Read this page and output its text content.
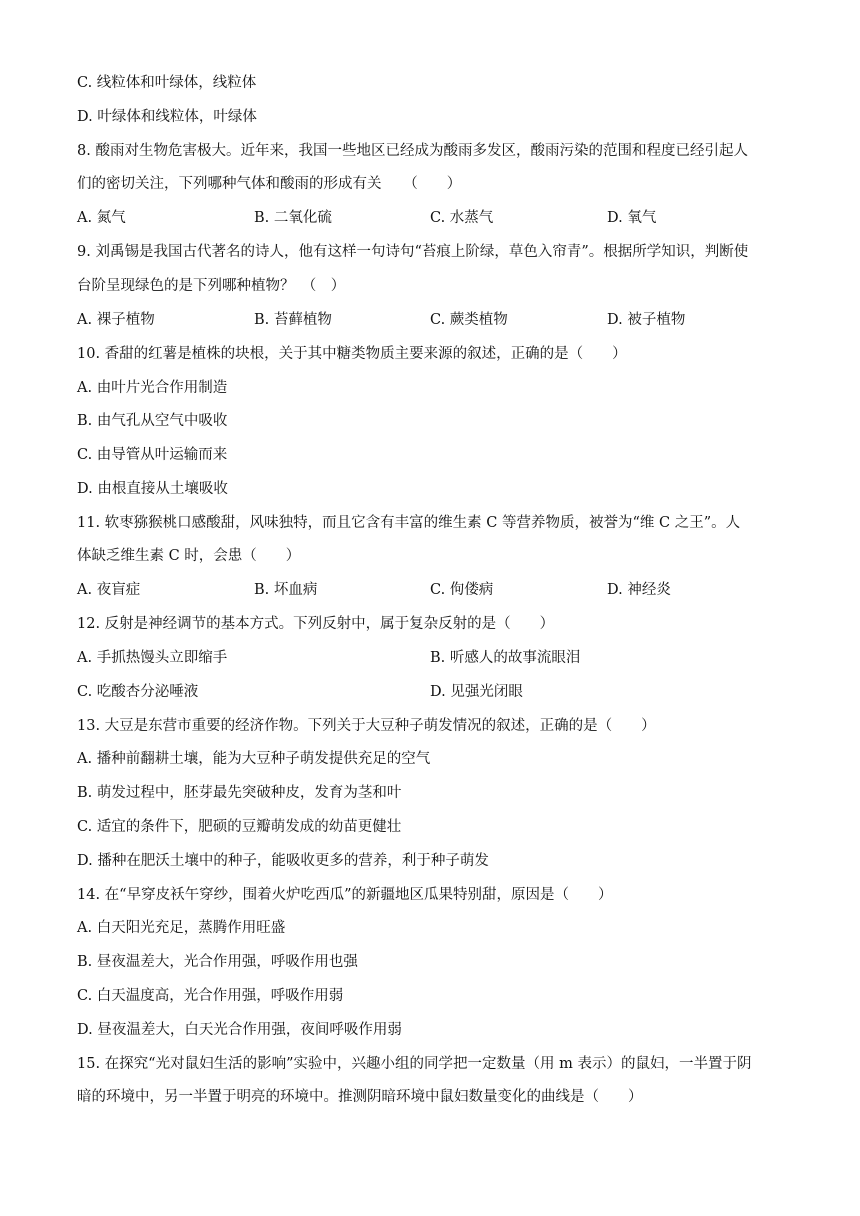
C. 线粒体和叶绿体，线粒体
D. 叶绿体和线粒体，叶绿体
8. 酸雨对生物危害极大。近年来，我国一些地区已经成为酸雨多发区，酸雨污染的范围和程度已经引起人
们的密切关注，下列哪种气体和酸雨的形成有关　　（　　）
A. 氮气	B. 二氧化硫	C. 水蒸气	D. 氧气
9. 刘禹锡是我国古代著名的诗人，他有这样一句诗句“苔痕上阶绿，草色入帘青”。根据所学知识，判断使
台阶呈现绿色的是下列哪种植物？　（　）
A. 裸子植物	B. 苔藓植物	C. 蕨类植物	D. 被子植物
10. 香甜的红薯是植株的块根，关于其中糖类物质主要来源的叙述，正确的是（　　）
A. 由叶片光合作用制造
B. 由气孔从空气中吸收
C. 由导管从叶运输而来
D. 由根直接从土壤吸收
11. 软枣猕猴桃口感酸甜，风味独特，而且它含有丰富的维生素 C 等营养物质，被誉为“维 C 之王”。人
体缺乏维生素 C 时，会患（　　）
A. 夜盲症	B. 坏血病	C. 佝偻病	D. 神经炎
12. 反射是神经调节的基本方式。下列反射中，属于复杂反射的是（　　）
A. 手抓热馒头立即缩手	B. 听感人的故事流眼泪
C. 吃酸杏分泌唾液	D. 见强光闭眼
13. 大豆是东营市重要的经济作物。下列关于大豆种子萌发情况的叙述，正确的是（　　）
A. 播种前翻耕土壤，能为大豆种子萌发提供充足的空气
B. 萌发过程中，胚芽最先突破种皮，发育为茎和叶
C. 适宜的条件下，肥硕的豆瓣萌发成的幼苗更健壮
D. 播种在肥沃土壤中的种子，能吸收更多的营养，利于种子萌发
14. 在“早穿皮袄午穿纱，围着火炉吃西瓜”的新疆地区瓜果特别甜，原因是（　　）
A. 白天阳光充足，蒸腾作用旺盛
B. 昼夜温差大，光合作用强，呼吸作用也强
C. 白天温度高，光合作用强，呼吸作用弱
D. 昼夜温差大，白天光合作用强，夜间呼吸作用弱
15. 在探究“光对鼠妇生活的影响”实验中，兴趣小组的同学把一定数量（用 m 表示）的鼠妇，一半置于阴
暗的环境中，另一半置于明亮的环境中。推测阴暗环境中鼠妇数量变化的曲线是（　　）
